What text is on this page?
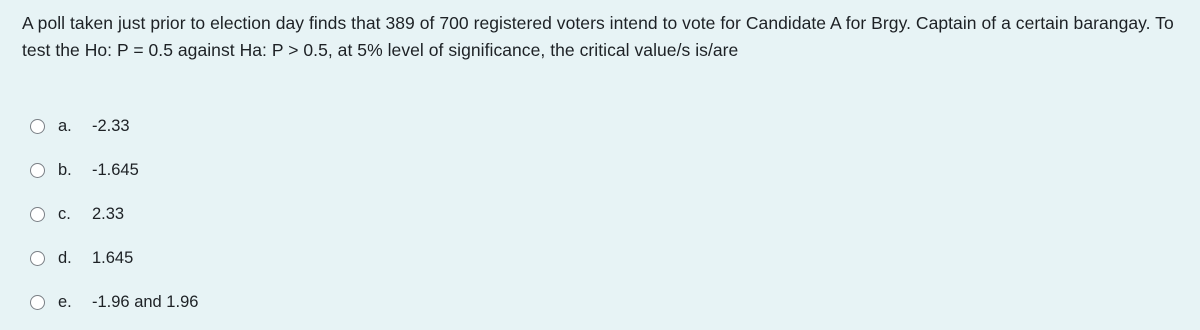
A poll taken just prior to election day finds that 389 of 700 registered voters intend to vote for Candidate A for Brgy. Captain of a certain barangay. To test the Ho: P = 0.5 against Ha: P > 0.5, at 5% level of significance, the critical value/s is/are
a.	-2.33
b.	-1.645
c.	2.33
d.	1.645
e.	-1.96 and 1.96
